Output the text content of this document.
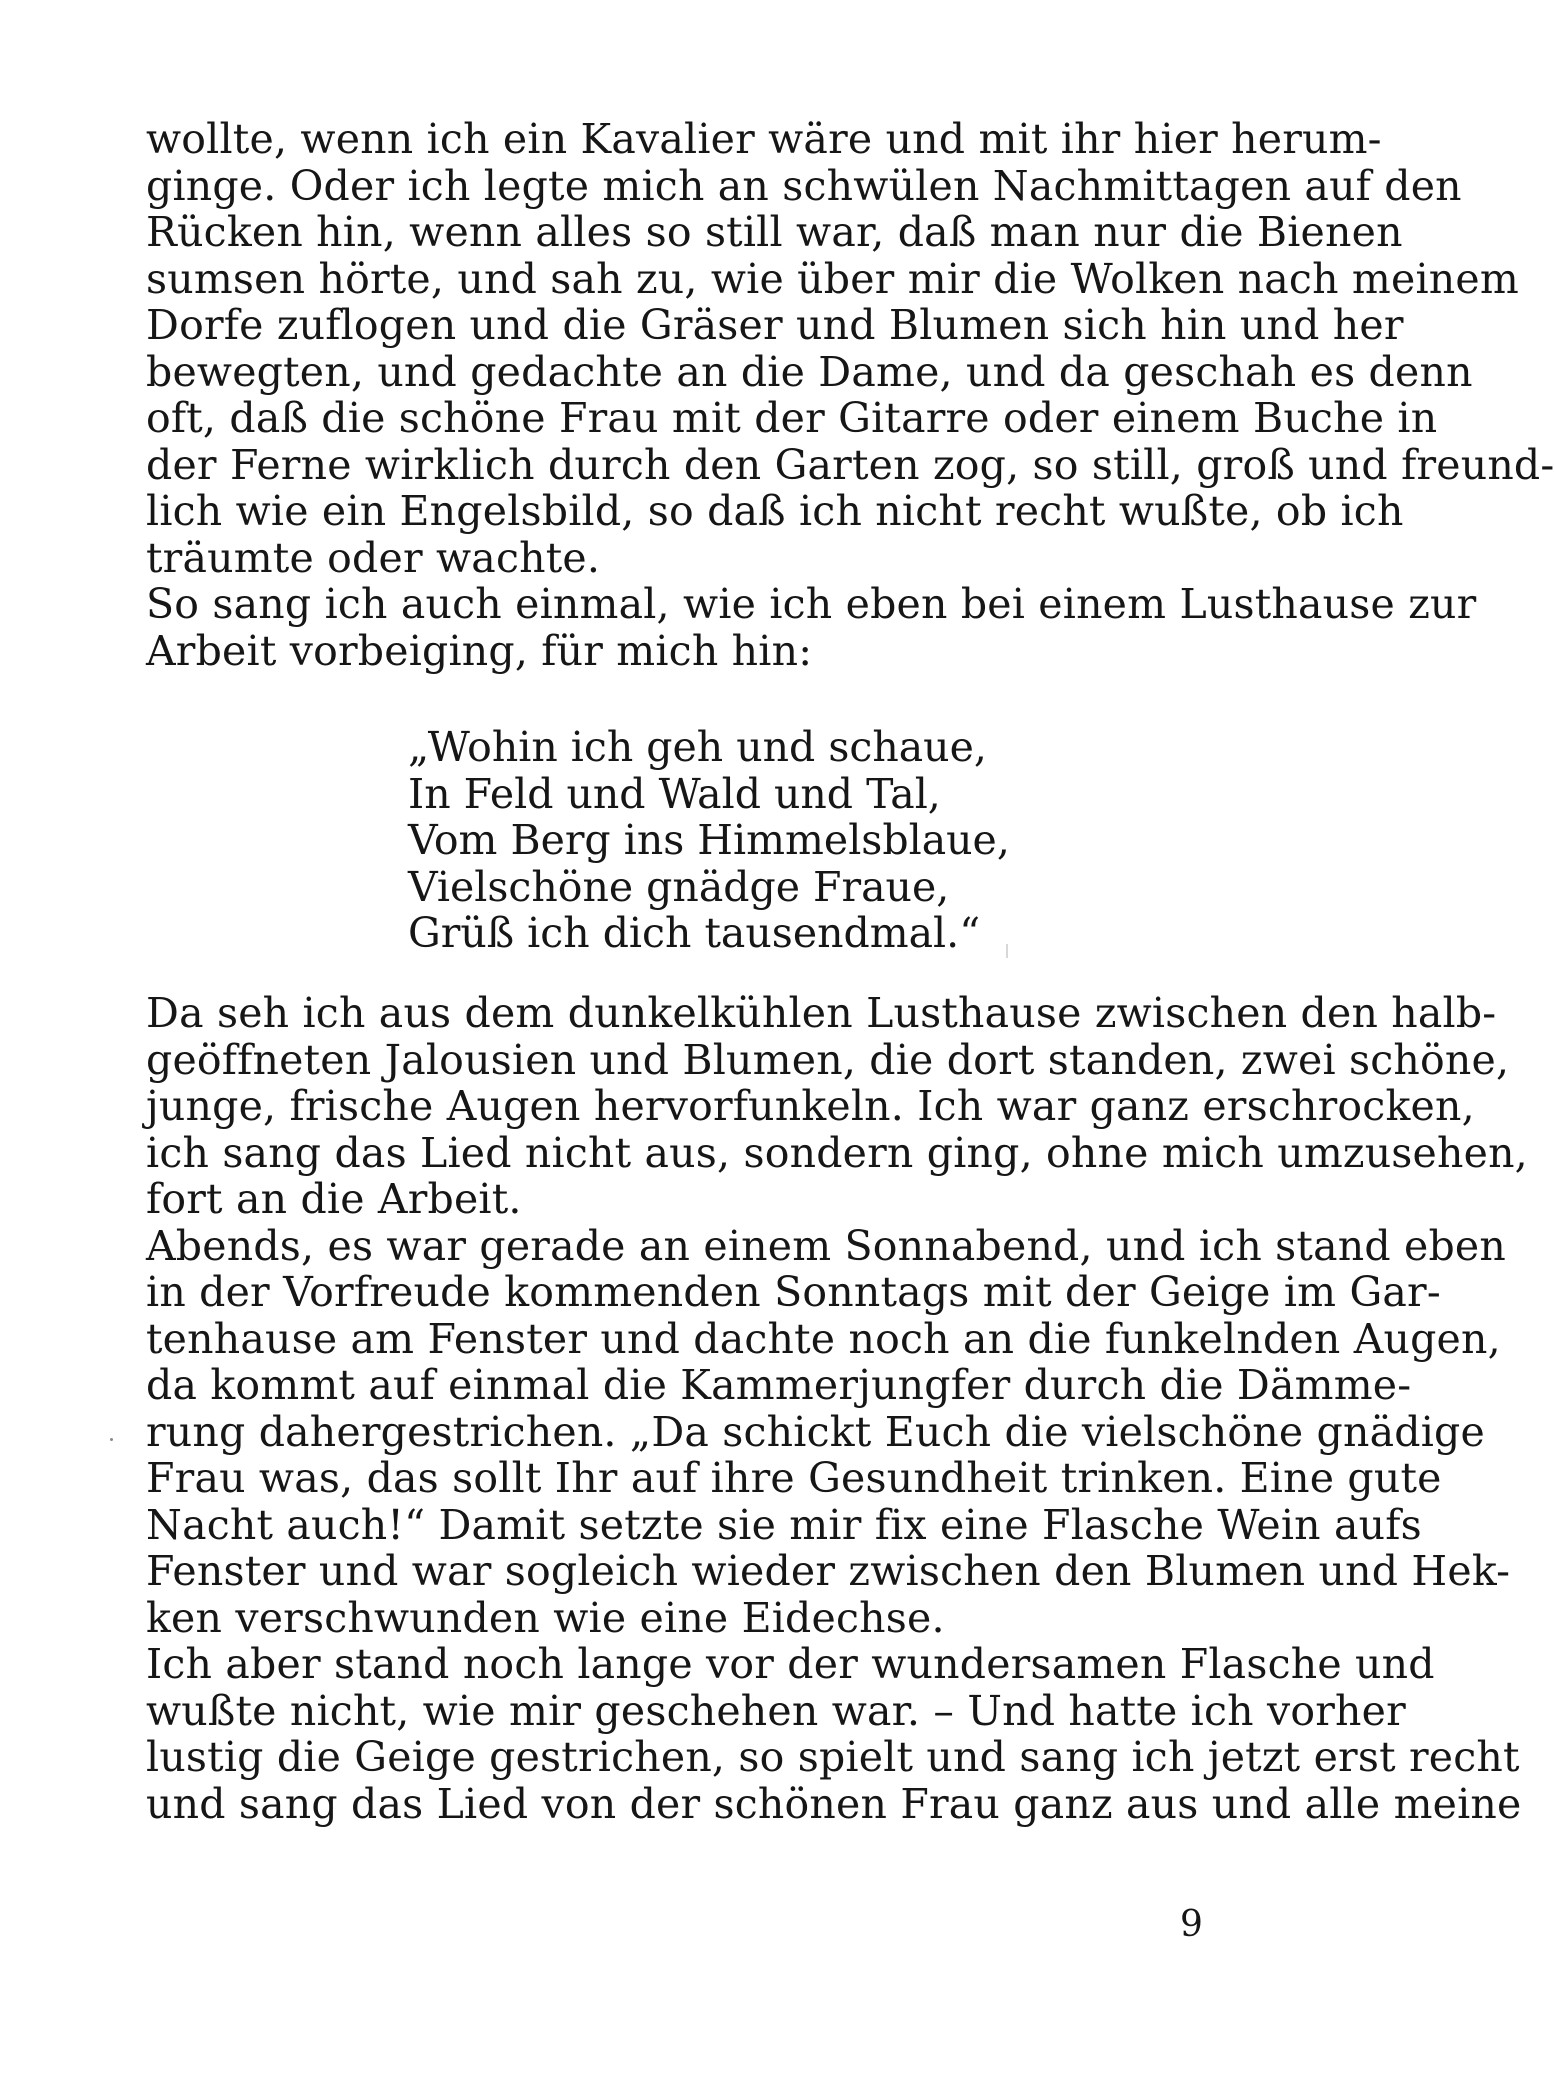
wollte, wenn ich ein Kavalier wäre und mit ihr hier herum-
ginge. Oder ich legte mich an schwülen Nachmittagen auf den
Rücken hin, wenn alles so still war, daß man nur die Bienen
sumsen hörte, und sah zu, wie über mir die Wolken nach meinem
Dorfe zuflogen und die Gräser und Blumen sich hin und her
bewegten, und gedachte an die Dame, und da geschah es denn
oft, daß die schöne Frau mit der Gitarre oder einem Buche in
der Ferne wirklich durch den Garten zog, so still, groß und freund-
lich wie ein Engelsbild, so daß ich nicht recht wußte, ob ich
träumte oder wachte.
So sang ich auch einmal, wie ich eben bei einem Lusthause zur
Arbeit vorbeiging, für mich hin:
„Wohin ich geh und schaue,
In Feld und Wald und Tal,
Vom Berg ins Himmelsblaue,
Vielschöne gnädge Fraue,
Grüß ich dich tausendmal.“
Da seh ich aus dem dunkelkühlen Lusthause zwischen den halb-
geöffneten Jalousien und Blumen, die dort standen, zwei schöne,
junge, frische Augen hervorfunkeln. Ich war ganz erschrocken,
ich sang das Lied nicht aus, sondern ging, ohne mich umzusehen,
fort an die Arbeit.
Abends, es war gerade an einem Sonnabend, und ich stand eben
in der Vorfreude kommenden Sonntags mit der Geige im Gar-
tenhause am Fenster und dachte noch an die funkelnden Augen,
da kommt auf einmal die Kammerjungfer durch die Dämme-
rung dahergestrichen. „Da schickt Euch die vielschöne gnädige
Frau was, das sollt Ihr auf ihre Gesundheit trinken. Eine gute
Nacht auch!“ Damit setzte sie mir fix eine Flasche Wein aufs
Fenster und war sogleich wieder zwischen den Blumen und Hek-
ken verschwunden wie eine Eidechse.
Ich aber stand noch lange vor der wundersamen Flasche und
wußte nicht, wie mir geschehen war. – Und hatte ich vorher
lustig die Geige gestrichen, so spielt und sang ich jetzt erst recht
und sang das Lied von der schönen Frau ganz aus und alle meine
9
